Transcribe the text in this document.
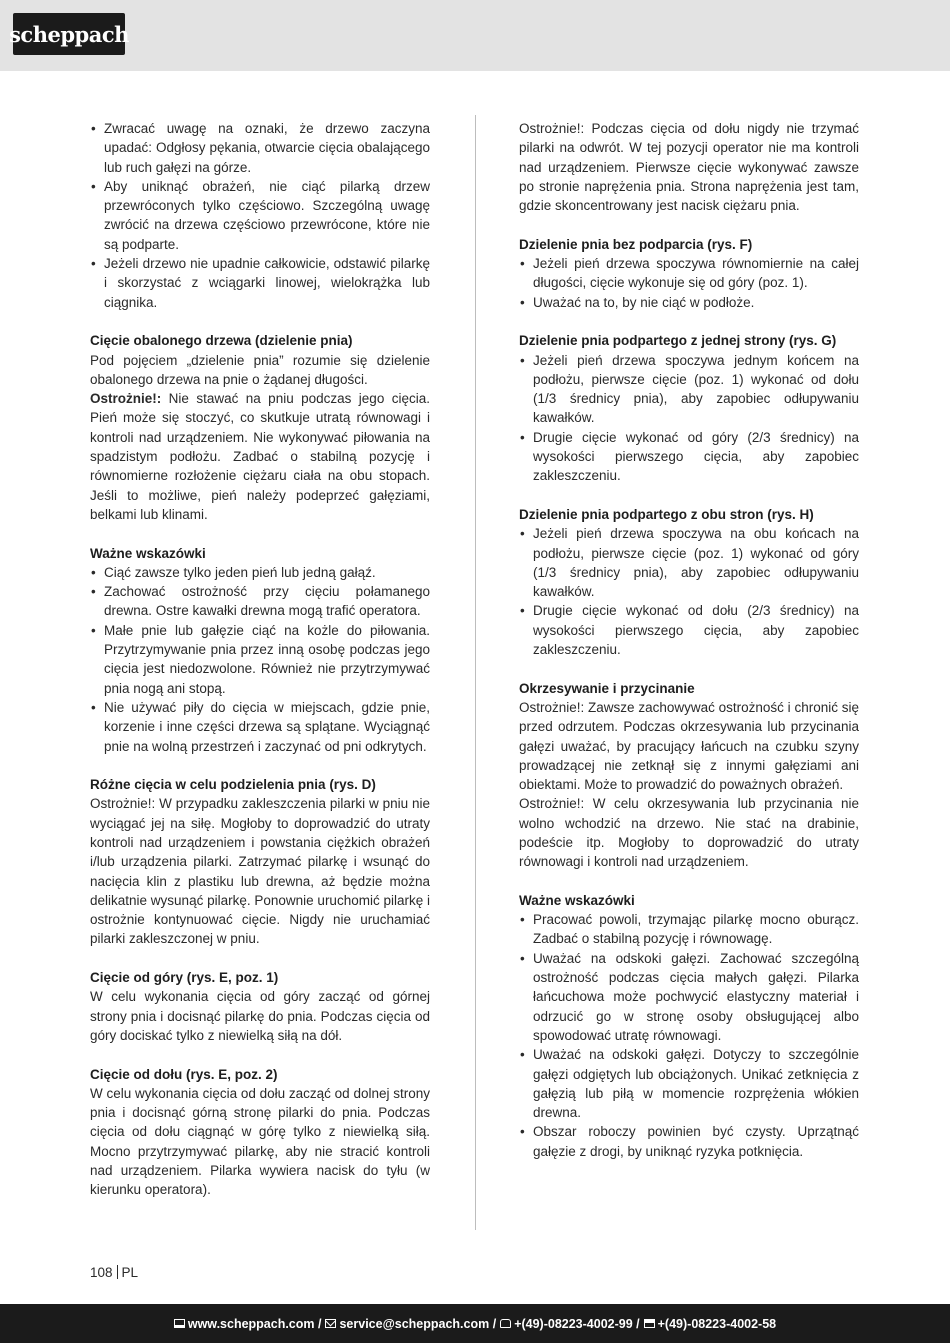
scheppach
• Zwracać uwagę na oznaki, że drzewo zaczyna upadać: Odgłosy pękania, otwarcie cięcia obalającego lub ruch gałęzi na górze.
• Aby uniknąć obrażeń, nie ciąć pilarką drzew przewróconych tylko częściowo. Szczególną uwagę zwrócić na drzewa częściowo przewrócone, które nie są podparte.
• Jeżeli drzewo nie upadnie całkowicie, odstawić pilarkę i skorzystać z wciągarki linowej, wielokrążka lub ciągnika.
Cięcie obalonego drzewa (dzielenie pnia)

Pod pojęciem „dzielenie pnia” rozumie się dzielenie obalonego drzewa na pnie o żądanej długości.

Ostrożnie!: Nie stawać na pniu podczas jego cięcia. Pień może się stoczyć, co skutkuje utratą równowagi i kontroli nad urządzeniem. Nie wykonywać piłowania na spadzistym podłożu. Zadbać o stabilną pozycję i równomierne rozłożenie ciężaru ciała na obu stopach. Jeśli to możliwe, pień należy podeprzeć gałęziami, belkami lub klinami.

Ważne wskazówki
• Ciąć zawsze tylko jeden pień lub jedną gałąź.
• Zachować ostrożność przy cięciu połamanego drewna. Ostre kawałki drewna mogą trafić operatora.
• Małe pnie lub gałęzie ciąć na kożle do piłowania. Przytrzymywanie pnia przez inną osobę podczas jego cięcia jest niedozwolone. Również nie przytrzymywać pnia nogą ani stopą.
• Nie używać piły do cięcia w miejscach, gdzie pnie, korzenie i inne części drzewa są splątane. Wyciągnąć pnie na wolną przestrzeń i zaczynać od pni odkrytych.
Różne cięcia w celu podzielenia pnia (rys. D)

Ostrożnie!: W przypadku zakleszczenia pilarki w pniu nie wyciągać jej na siłę. Mogłoby to doprowadzić do utraty kontroli nad urządzeniem i powstania ciężkich obrażeń i/lub urządzenia pilarki. Zatrzymać pilarkę i wsunąć do nacięcia klin z plastiku lub drewna, aż będzie można delikatnie wysunąć pilarkę. Ponownie uruchomić pilarkę i ostrożnie kontynuować cięcie. Nigdy nie uruchamiać pilarki zakleszczonej w pniu.

Cięcie od góry (rys. E, poz. 1)

W celu wykonania cięcia od góry zacząć od górnej strony pnia i docisnąć pilarkę do pnia. Podczas cięcia od góry dociskać tylko z niewielką siłą na dół.

Cięcie od dołu (rys. E, poz. 2)

W celu wykonania cięcia od dołu zacząć od dolnej strony pnia i docisnąć górną stronę pilarki do pnia. Podczas cięcia od dołu ciągnąć w górę tylko z niewielką siłą. Mocno przytrzymywać pilarkę, aby nie stracić kontroli nad urządzeniem. Pilarka wywiera nacisk do tyłu (w kierunku operatora).

Ostrożnie!: Podczas cięcia od dołu nigdy nie trzymać pilarki na odwrót. W tej pozycji operator nie ma kontroli nad urządzeniem. Pierwsze cięcie wykonywać zawsze po stronie naprężenia pnia. Strona naprężenia jest tam, gdzie skoncentrowany jest nacisk ciężaru pnia.

Dzielenie pnia bez podparcia (rys. F)
• Jeżeli pień drzewa spoczywa równomiernie na całej długości, cięcie wykonuje się od góry (poz. 1).
• Uważać na to, by nie ciąć w podłoże.
Dzielenie pnia podpartego z jednej strony (rys. G)
• Jeżeli pień drzewa spoczywa jednym końcem na podłożu, pierwsze cięcie (poz. 1) wykonać od dołu (1/3 średnicy pnia), aby zapobiec odłupywaniu kawałków.
• Drugie cięcie wykonać od góry (2/3 średnicy) na wysokości pierwszego cięcia, aby zapobiec zakleszczeniu.
Dzielenie pnia podpartego z obu stron (rys. H)
• Jeżeli pień drzewa spoczywa na obu końcach na podłożu, pierwsze cięcie (poz. 1) wykonać od góry (1/3 średnicy pnia), aby zapobiec odłupywaniu kawałków.
• Drugie cięcie wykonać od dołu (2/3 średnicy) na wysokości pierwszego cięcia, aby zapobiec zakleszczeniu.
Okrzesywanie i przycinanie

Ostrożnie!: Zawsze zachowywać ostrożność i chronić się przed odrzutem. Podczas okrzesywania lub przycinania gałęzi uważać, by pracujący łańcuch na czubku szyny prowadzącej nie zetknął się z innymi gałęziami ani obiektami. Może to prowadzić do poważnych obrażeń.

Ostrożnie!: W celu okrzesywania lub przycinania nie wolno wchodzić na drzewo. Nie stać na drabinie, podeście itp. Mogłoby to doprowadzić do utraty równowagi i kontroli nad urządzeniem.

Ważne wskazówki
• Pracować powoli, trzymając pilarkę mocno oburącz. Zadbać o stabilną pozycję i równowagę.
• Uważać na odskoki gałęzi. Zachować szczególną ostrożność podczas cięcia małych gałęzi. Pilarka łańcuchowa może pochwycić elastyczny materiał i odrzucić go w stronę osoby obsługującej albo spowodować utratę równowagi.
• Uważać na odskoki gałęzi. Dotyczy to szczególnie gałęzi odgiętych lub obciążonych. Unikać zetknięcia z gałęzią lub piłą w momencie rozprężenia włókien drewna.
• Obszar roboczy powinien być czysty. Uprzątnąć gałęzie z drogi, by uniknąć ryzyka potknięcia.
108 PL
www.scheppach.com / service@scheppach.com / +(49)-08223-4002-99 / +(49)-08223-4002-58
